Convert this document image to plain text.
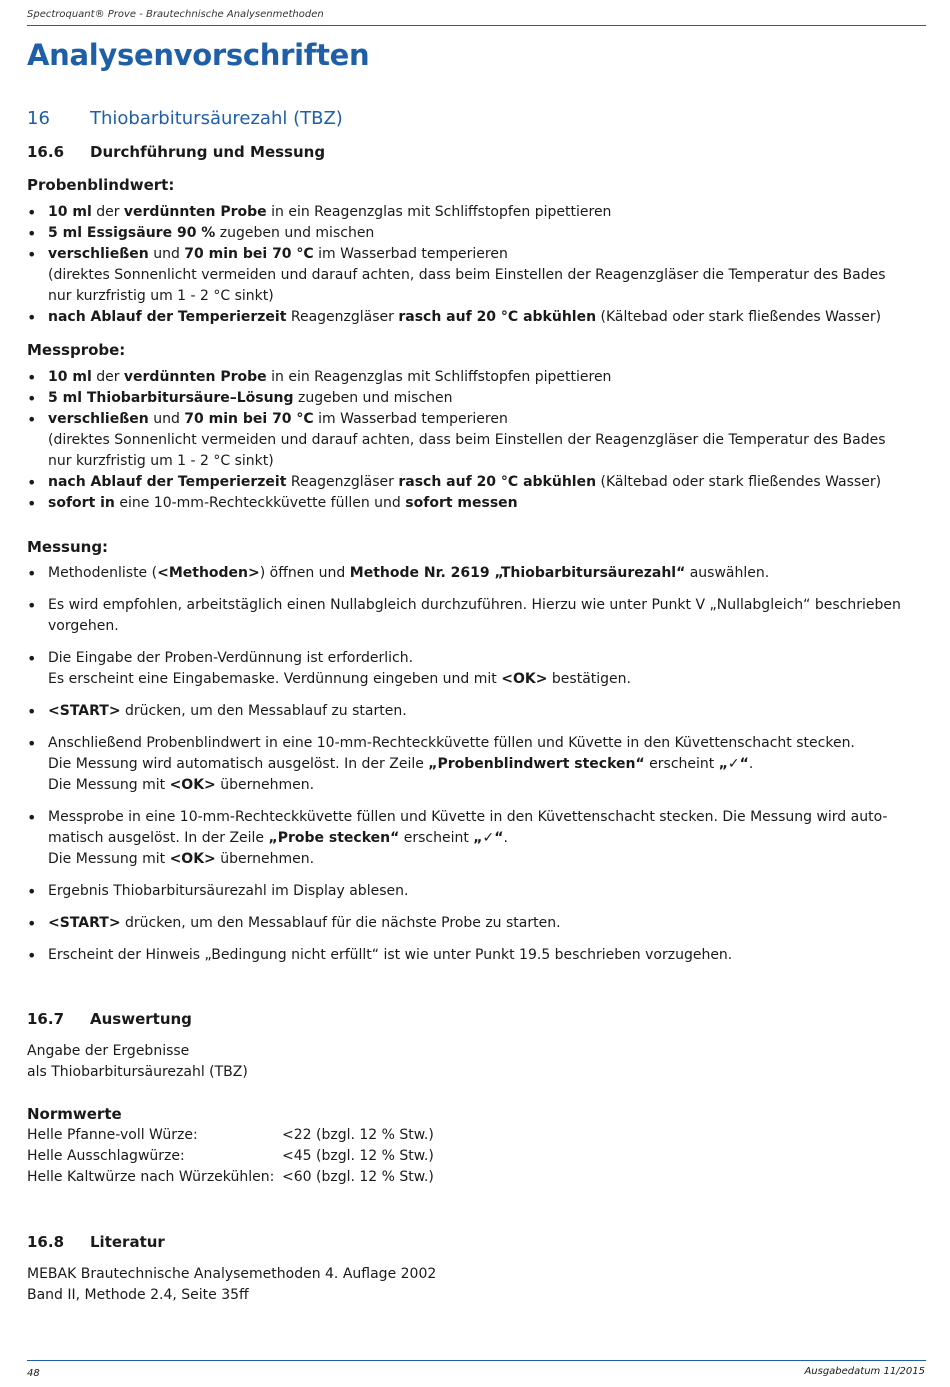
Spectroquant® Prove - Brautechnische Analysenmethoden
Analysenvorschriften
16 Thiobarbitursäurezahl (TBZ)
16.6 Durchführung und Messung
Probenblindwert:
• 10 ml der verdünnten Probe in ein Reagenzglas mit Schliffstopfen pipettieren
• 5 ml Essigsäure 90 % zugeben und mischen
• verschließen und 70 min bei 70 °C im Wasserbad temperieren
(direktes Sonnenlicht vermeiden und darauf achten, dass beim Einstellen der Reagenzgläser die Temperatur des Bades nur kurzfristig um 1 - 2 °C sinkt)
• nach Ablauf der Temperierzeit Reagenzgläser rasch auf 20 °C abkühlen (Kältebad oder stark fließendes Wasser)
Messprobe:
• 10 ml der verdünnten Probe in ein Reagenzglas mit Schliffstopfen pipettieren
• 5 ml Thiobarbitursäure–Lösung zugeben und mischen
• verschließen und 70 min bei 70 °C im Wasserbad temperieren
(direktes Sonnenlicht vermeiden und darauf achten, dass beim Einstellen der Reagenzgläser die Temperatur des Bades nur kurzfristig um 1 - 2 °C sinkt)
• nach Ablauf der Temperierzeit Reagenzgläser rasch auf 20 °C abkühlen (Kältebad oder stark fließendes Wasser)
• sofort in eine 10-mm-Rechteckküvette füllen und sofort messen
Messung:
• Methodenliste (<Methoden>) öffnen und Methode Nr. 2619 „Thiobarbitursäurezahl“ auswählen.
• Es wird empfohlen, arbeitstäglich einen Nullabgleich durchzuführen. Hierzu wie unter Punkt V „Nullabgleich“ beschrieben vorgehen.
• Die Eingabe der Proben-Verdünnung ist erforderlich.
Es erscheint eine Eingabemaske. Verdünnung eingeben und mit <OK> bestätigen.
• <START> drücken, um den Messablauf zu starten.
• Anschließend Probenblindwert in eine 10-mm-Rechteckküvette füllen und Küvette in den Küvettenschacht stecken.
Die Messung wird automatisch ausgelöst. In der Zeile „Probenblindwert stecken“ erscheint „✓“.
Die Messung mit <OK> übernehmen.
• Messprobe in eine 10-mm-Rechteckküvette füllen und Küvette in den Küvettenschacht stecken. Die Messung wird auto-
matisch ausgelöst. In der Zeile „Probe stecken“ erscheint „✓“.
Die Messung mit <OK> übernehmen.
• Ergebnis Thiobarbitursäurezahl im Display ablesen.
• <START> drücken, um den Messablauf für die nächste Probe zu starten.
• Erscheint der Hinweis „Bedingung nicht erfüllt“ ist wie unter Punkt 19.5 beschrieben vorzugehen.
16.7 Auswertung
Angabe der Ergebnisse
als Thiobarbitursäurezahl (TBZ)
Normwerte
Helle Pfanne-voll Würze:	<22 (bzgl. 12 % Stw.)
Helle Ausschlagwürze:	<45 (bzgl. 12 % Stw.)
Helle Kaltwürze nach Würzekühlen:	<60 (bzgl. 12 % Stw.)
16.8 Literatur
MEBAK Brautechnische Analysemethoden 4. Auflage 2002
Band II, Methode 2.4, Seite 35ff
48	Ausgabedatum 11/2015
